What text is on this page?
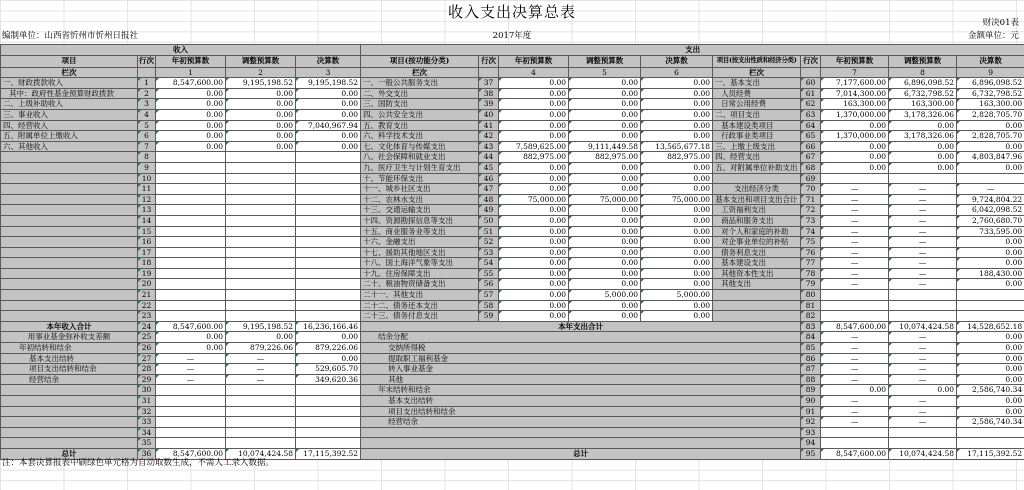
收入支出决算总表
财决01表
编制单位：山西省忻州市忻州日报社	2017年度	金额单位：元
收入					支出									
项目	行次	年初预算数	调整预算数	决算数	项目(按功能分类)	行次	年初预算数	调整预算数	决算数	项目(按支出性质和经济分类)	行次	年初预算数	调整预算数	决算数
栏次		1	2	3	栏次		4	5	6	栏次		7	8	9
一、财政拨款收入	1	8,547,600.00	9,195,198.52	9,195,198.52	一、一般公共服务支出	37	0.00	0.00	0.00	一、基本支出	60	7,177,600.00	6,896,098.52	6,896,098.52
其中：政府性基金预算财政拨款	2	0.00	0.00	0.00	二、外交支出	38	0.00	0.00	0.00	人员经费	61	7,014,300.00	6,732,798.52	6,732,798.52
二、上级补助收入	3	0.00	0.00	0.00	三、国防支出	39	0.00	0.00	0.00	日常公用经费	62	163,300.00	163,300.00	163,300.00
三、事业收入	4	0.00	0.00	0.00	四、公共安全支出	40	0.00	0.00	0.00	二、项目支出	63	1,370,000.00	3,178,326.06	2,828,705.70
四、经营收入	5	0.00	0.00	7,040,967.94	五、教育支出	41	0.00	0.00	0.00	基本建设类项目	64	0.00	0.00	0.00
五、附属单位上缴收入	6	0.00	0.00	0.00	六、科学技术支出	42	0.00	0.00	0.00	行政事业类项目	65	1,370,000.00	3,178,326.06	2,828,705.70
六、其他收入	7	0.00	0.00	0.00	七、文化体育与传媒支出	43	7,589,625.00	9,111,449.58	13,565,677.18	三、上缴上级支出	66	0.00	0.00	0.00
	8				八、社会保障和就业支出	44	882,975.00	882,975.00	882,975.00	四、经营支出	67	0.00	0.00	4,803,847.96
	9				九、医疗卫生与计划生育支出	45	0.00	0.00	0.00	五、对附属单位补助支出	68	0.00	0.00	0.00
	10				十、节能环保支出	46	0.00	0.00	0.00		69			
	11				十一、城乡社区支出	47	0.00	0.00	0.00	支出经济分类	70	—	—	—
	12				十二、农林水支出	48	75,000.00	75,000.00	75,000.00	基本支出和项目支出合计	71	—	—	9,724,804.22
	13				十三、交通运输支出	49	0.00	0.00	0.00	工资福利支出	72	—	—	6,042,098.52
	14				十四、资源勘探信息等支出	50	0.00	0.00	0.00	商品和服务支出	73	—	—	2,760,680.70
	15				十五、商业服务业等支出	51	0.00	0.00	0.00	对个人和家庭的补助	74	—	—	733,595.00
	16				十六、金融支出	52	0.00	0.00	0.00	对企事业单位的补贴	75	—	—	0.00
	17				十七、援助其他地区支出	53	0.00	0.00	0.00	债务利息支出	76	—	—	0.00
	18				十八、国土海洋气象等支出	54	0.00	0.00	0.00	基本建设支出	77	—	—	0.00
	19				十九、住房保障支出	55	0.00	0.00	0.00	其他资本性支出	78	—	—	188,430.00
	20				二十、粮油物资储备支出	56	0.00	0.00	0.00	其他支出	79	—	—	0.00
	21				二十一、其他支出	57	0.00	5,000.00	5,000.00		80			
	22				二十二、债务还本支出	58	0.00	0.00	0.00		81			
	23				二十三、债务付息支出	59	0.00	0.00	0.00		82			
本年收入合计	24	8,547,600.00	9,195,198.52	16,236,166.46	本年支出合计						83	8,547,600.00	10,074,424.58	14,528,652.18
用事业基金弥补收支差额	25	0.00	0.00	0.00	结余分配						84	—	—	0.00
年初结转和结余	26	0.00	879,226.06	879,226.06	交纳所得税						85	—	—	0.00
基本支出结转	27	—	—	0.00	提取职工福利基金						86	—	—	0.00
项目支出结转和结余	28	—	—	529,605.70	转入事业基金						87	—	—	0.00
经营结余	29	—	—	349,620.36	其他						88	—	—	0.00
	30				年末结转和结余						89	0.00	0.00	2,586,740.34
	31				基本支出结转						90	—	—	0.00
	32				项目支出结转和结余						91	—	—	0.00
	33				经营结余						92	—	—	2,586,740.34
	34										93			
	35										94			
总计	36	8,547,600.00	10,074,424.58	17,115,392.52	总计						95	8,547,600.00	10,074,424.58	17,115,392.52
注：本套决算报表中刷绿色单元格为自动取数生成，不需人工录入数据。
